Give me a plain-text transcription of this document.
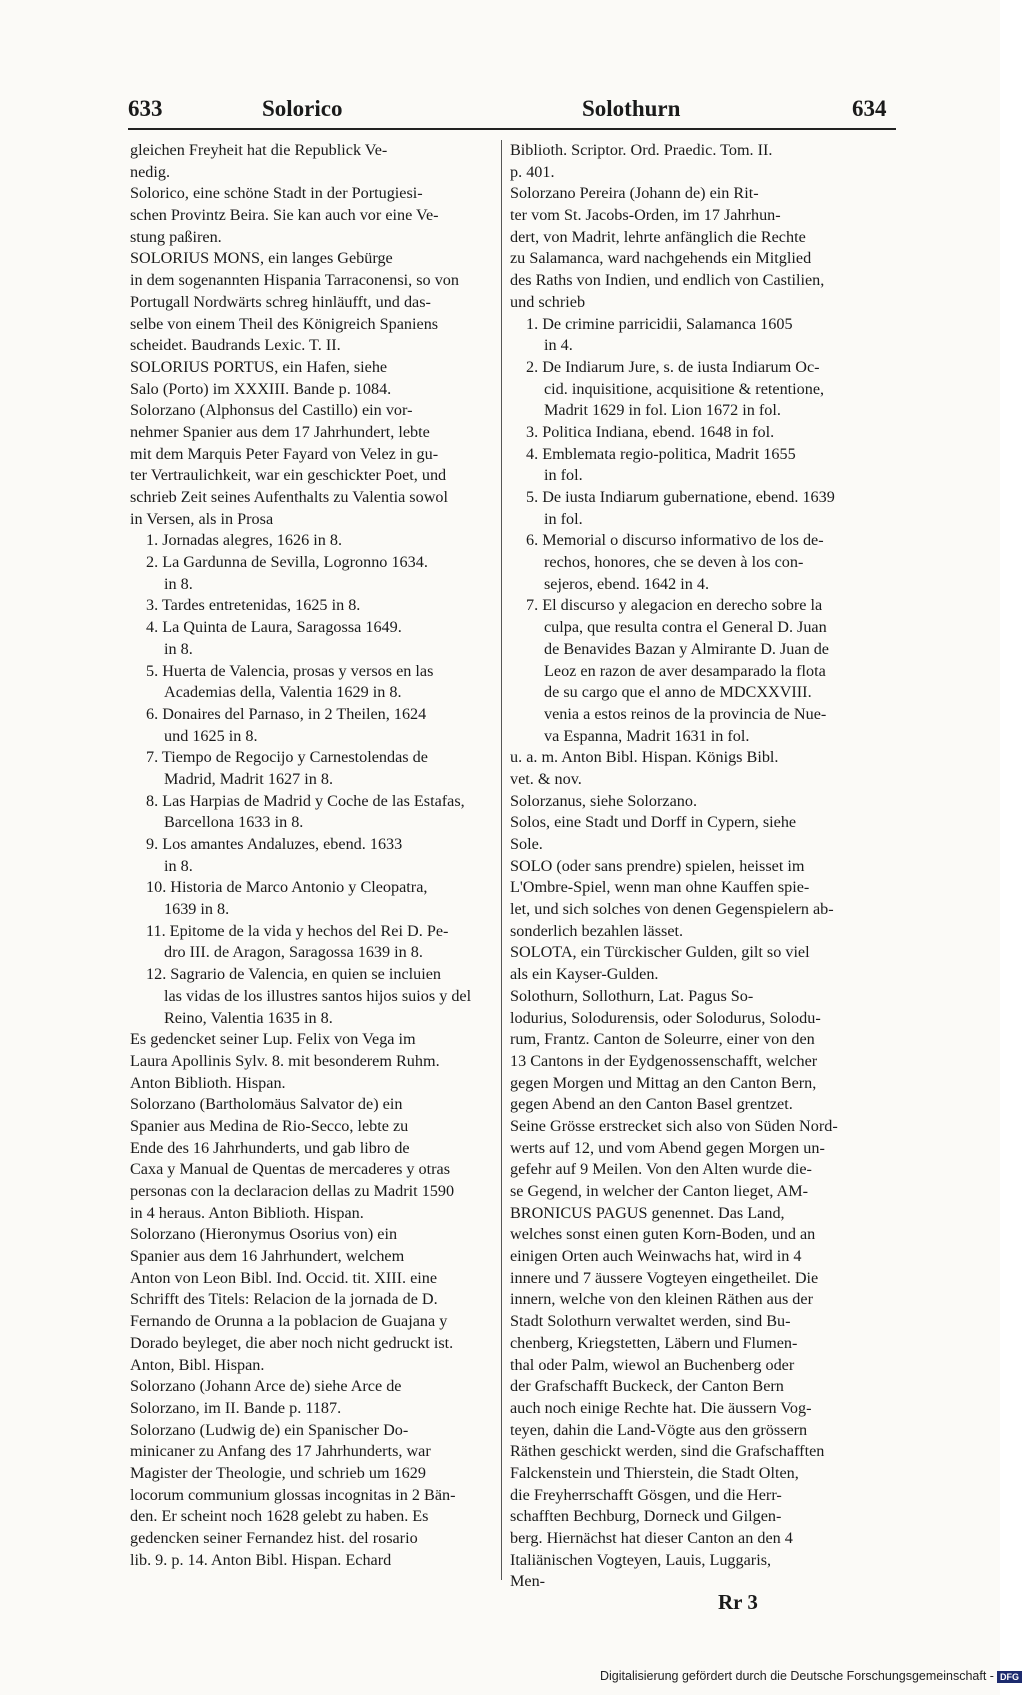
633	Solorico	Solothurn	634
gleichen Freyheit hat die Republick Ve-
nedig.
Solorico, eine schöne Stadt in der Portugiesi-
schen Provintz Beira. Sie kan auch vor eine Ve-
stung paßiren.
SOLORIUS MONS, ein langes Gebürge
in dem sogenannten Hispania Tarraconensi, so von
Portugall Nordwärts schreg hinläufft, und das-
selbe von einem Theil des Königreich Spaniens
scheidet. Baudrands Lexic. T. II.
SOLORIUS PORTUS, ein Hafen, siehe
Salo (Porto) im XXXIII. Bande p. 1084.
Solorzano (Alphonsus del Castillo) ein vor-
nehmer Spanier aus dem 17 Jahrhundert, lebte
mit dem Marquis Peter Fayard von Velez in gu-
ter Vertraulichkeit, war ein geschickter Poet, und
schrieb Zeit seines Aufenthalts zu Valentia sowol
in Versen, als in Prosa
1. Jornadas alegres, 1626 in 8.
2. La Gardunna de Sevilla, Logronno 1634.
in 8.
3. Tardes entretenidas, 1625 in 8.
4. La Quinta de Laura, Saragossa 1649.
in 8.
5. Huerta de Valencia, prosas y versos en las
Academias della, Valentia 1629 in 8.
6. Donaires del Parnaso, in 2 Theilen, 1624
und 1625 in 8.
7. Tiempo de Regocijo y Carnestolendas de
Madrid, Madrit 1627 in 8.
8. Las Harpias de Madrid y Coche de las Estafas,
Barcellona 1633 in 8.
9. Los amantes Andaluzes, ebend. 1633
in 8.
10. Historia de Marco Antonio y Cleopatra,
1639 in 8.
11. Epitome de la vida y hechos del Rei D. Pe-
dro III. de Aragon, Saragossa 1639 in 8.
12. Sagrario de Valencia, en quien se incluien
las vidas de los illustres santos hijos suios y del
Reino, Valentia 1635 in 8.
Es gedencket seiner Lup. Felix von Vega im
Laura Apollinis Sylv. 8. mit besonderem Ruhm.
Anton Biblioth. Hispan.
Solorzano (Bartholomäus Salvator de) ein
Spanier aus Medina de Rio-Secco, lebte zu
Ende des 16 Jahrhunderts, und gab libro de
Caxa y Manual de Quentas de mercaderes y otras
personas con la declaracion dellas zu Madrit 1590
in 4 heraus. Anton Biblioth. Hispan.
Solorzano (Hieronymus Osorius von) ein
Spanier aus dem 16 Jahrhundert, welchem
Anton von Leon Bibl. Ind. Occid. tit. XIII. eine
Schrifft des Titels: Relacion de la jornada de D.
Fernando de Orunna a la poblacion de Guajana y
Dorado beyleget, die aber noch nicht gedruckt ist.
Anton, Bibl. Hispan.
Solorzano (Johann Arce de) siehe Arce de
Solorzano, im II. Bande p. 1187.
Solorzano (Ludwig de) ein Spanischer Do-
minicaner zu Anfang des 17 Jahrhunderts, war
Magister der Theologie, und schrieb um 1629
locorum communium glossas incognitas in 2 Bän-
den. Er scheint noch 1628 gelebt zu haben. Es
gedencken seiner Fernandez hist. del rosario
lib. 9. p. 14. Anton Bibl. Hispan. Echard
Biblioth. Scriptor. Ord. Praedic. Tom. II.
p. 401.
Solorzano Pereira (Johann de) ein Rit-
ter vom St. Jacobs-Orden, im 17 Jahrhun-
dert, von Madrit, lehrte anfänglich die Rechte
zu Salamanca, ward nachgehends ein Mitglied
des Raths von Indien, und endlich von Castilien,
und schrieb
1. De crimine parricidii, Salamanca 1605
in 4.
2. De Indiarum Jure, s. de iusta Indiarum Oc-
cid. inquisitione, acquisitione & retentione,
Madrit 1629 in fol. Lion 1672 in fol.
3. Politica Indiana, ebend. 1648 in fol.
4. Emblemata regio-politica, Madrit 1655
in fol.
5. De iusta Indiarum gubernatione, ebend. 1639
in fol.
6. Memorial o discurso informativo de los de-
rechos, honores, che se deven à los con-
sejeros, ebend. 1642 in 4.
7. El discurso y alegacion en derecho sobre la
culpa, que resulta contra el General D. Juan
de Benavides Bazan y Almirante D. Juan de
Leoz en razon de aver desamparado la flota
de su cargo que el anno de MDCXXVIII.
venia a estos reinos de la provincia de Nue-
va Espanna, Madrit 1631 in fol.
u. a. m. Anton Bibl. Hispan. Königs Bibl.
vet. & nov.
Solorzanus, siehe Solorzano.
Solos, eine Stadt und Dorff in Cypern, siehe
Sole.
SOLO (oder sans prendre) spielen, heisset im
L'Ombre-Spiel, wenn man ohne Kauffen spie-
let, und sich solches von denen Gegenspielern ab-
sonderlich bezahlen lässet.
SOLOTA, ein Türckischer Gulden, gilt so viel
als ein Kayser-Gulden.
Solothurn, Sollothurn, Lat. Pagus So-
lodurius, Solodurensis, oder Solodurus, Solodu-
rum, Frantz. Canton de Soleurre, einer von den
13 Cantons in der Eydgenossenschafft, welcher
gegen Morgen und Mittag an den Canton Bern,
gegen Abend an den Canton Basel grentzet.
Seine Grösse erstrecket sich also von Süden Nord-
werts auf 12, und vom Abend gegen Morgen un-
gefehr auf 9 Meilen. Von den Alten wurde die-
se Gegend, in welcher der Canton lieget, AM-
BRONICUS PAGUS genennet. Das Land,
welches sonst einen guten Korn-Boden, und an
einigen Orten auch Weinwachs hat, wird in 4
innere und 7 äussere Vogteyen eingetheilet. Die
innern, welche von den kleinen Räthen aus der
Stadt Solothurn verwaltet werden, sind Bu-
chenberg, Kriegstetten, Läbern und Flumen-
thal oder Palm, wiewol an Buchenberg oder
der Grafschafft Buckeck, der Canton Bern
auch noch einige Rechte hat. Die äussern Vog-
teyen, dahin die Land-Vögte aus den grössern
Räthen geschickt werden, sind die Grafschafften
Falckenstein und Thierstein, die Stadt Olten,
die Freyherrschafft Gösgen, und die Herr-
schafften Bechburg, Dorneck und Gilgen-
berg. Hiernächst hat dieser Canton an den 4
Italiänischen Vogteyen, Lauis, Luggaris,
Men-
Rr 3
Digitalisierung gefördert durch die Deutsche Forschungsgemeinschaft - DFG
